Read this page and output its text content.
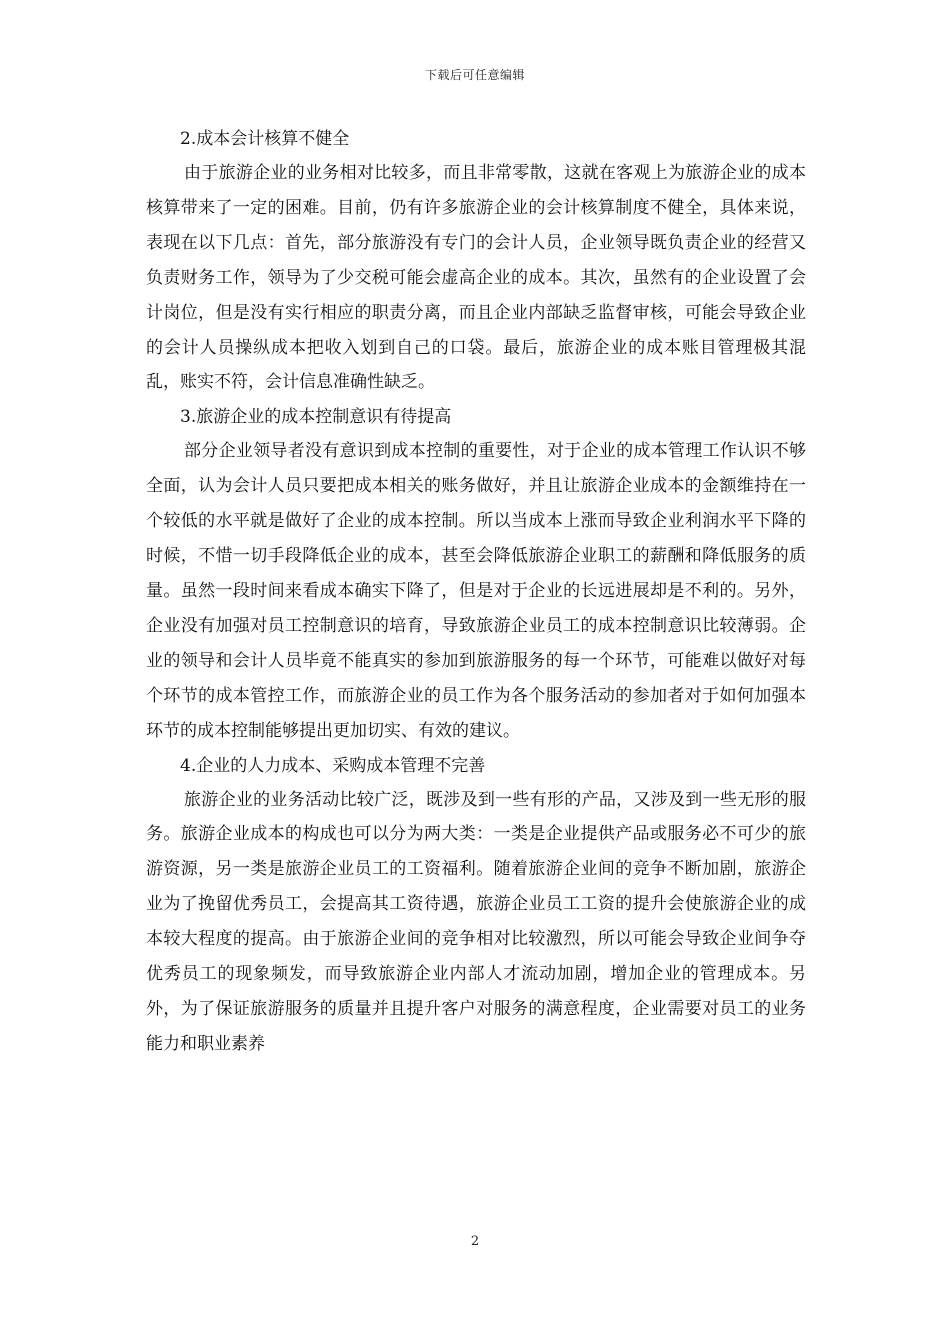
下载后可任意编辑

2.成本会计核算不健全

由于旅游企业的业务相对比较多，而且非常零散，这就在客观上为旅游企业的成本核算带来了一定的困难。目前，仍有许多旅游企业的会计核算制度不健全，具体来说，表现在以下几点：首先，部分旅游没有专门的会计人员，企业领导既负责企业的经营又负责财务工作，领导为了少交税可能会虚高企业的成本。其次，虽然有的企业设置了会计岗位，但是没有实行相应的职责分离，而且企业内部缺乏监督审核，可能会导致企业的会计人员操纵成本把收入划到自己的口袋。最后，旅游企业的成本账目管理极其混乱，账实不符，会计信息准确性缺乏。

3.旅游企业的成本控制意识有待提高

部分企业领导者没有意识到成本控制的重要性，对于企业的成本管理工作认识不够全面，认为会计人员只要把成本相关的账务做好，并且让旅游企业成本的金额维持在一个较低的水平就是做好了企业的成本控制。所以当成本上涨而导致企业利润水平下降的时候，不惜一切手段降低企业的成本，甚至会降低旅游企业职工的薪酬和降低服务的质量。虽然一段时间来看成本确实下降了，但是对于企业的长远进展却是不利的。另外，企业没有加强对员工控制意识的培育，导致旅游企业员工的成本控制意识比较薄弱。企业的领导和会计人员毕竟不能真实的参加到旅游服务的每一个环节，可能难以做好对每个环节的成本管控工作，而旅游企业的员工作为各个服务活动的参加者对于如何加强本环节的成本控制能够提出更加切实、有效的建议。

4.企业的人力成本、采购成本管理不完善

旅游企业的业务活动比较广泛，既涉及到一些有形的产品，又涉及到一些无形的服务。旅游企业成本的构成也可以分为两大类：一类是企业提供产品或服务必不可少的旅游资源，另一类是旅游企业员工的工资福利。随着旅游企业间的竞争不断加剧，旅游企业为了挽留优秀员工，会提高其工资待遇，旅游企业员工工资的提升会使旅游企业的成本较大程度的提高。由于旅游企业间的竞争相对比较激烈，所以可能会导致企业间争夺优秀员工的现象频发，而导致旅游企业内部人才流动加剧，增加企业的管理成本。另外，为了保证旅游服务的质量并且提升客户对服务的满意程度，企业需要对员工的业务能力和职业素养

2
